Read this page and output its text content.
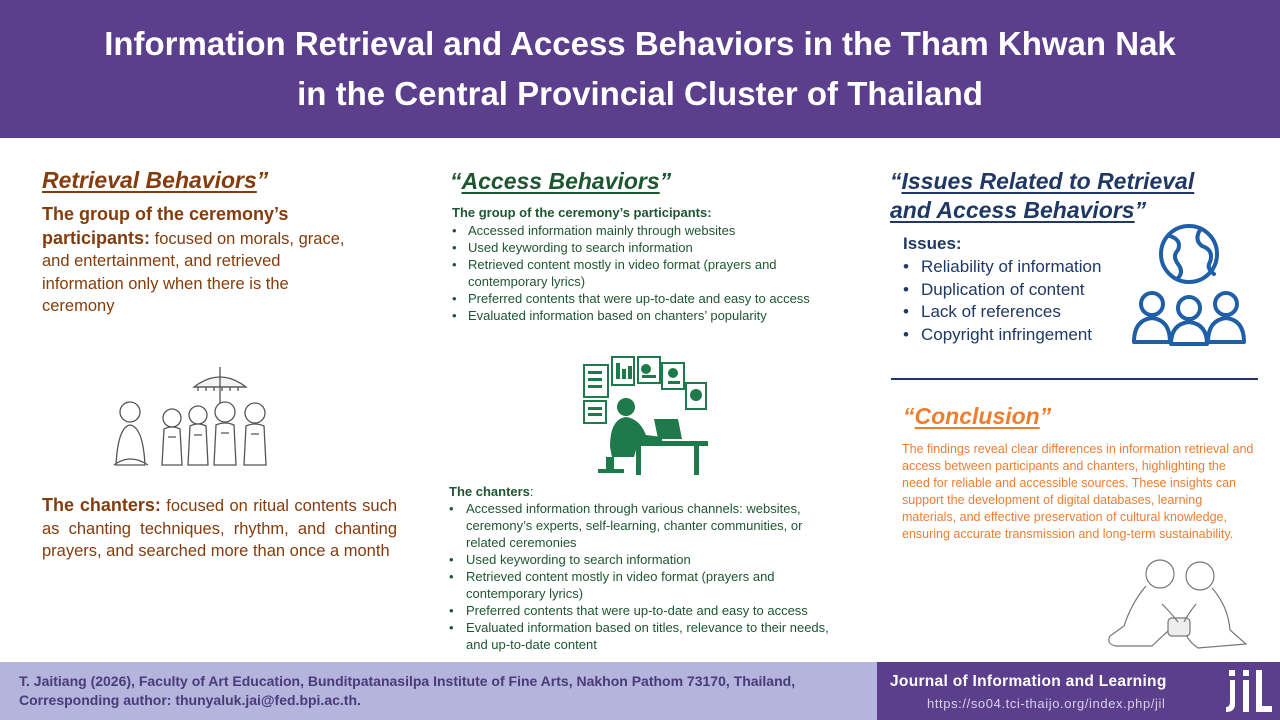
Information Retrieval and Access Behaviors in the Tham Khwan Nak
in the Central Provincial Cluster of Thailand
Retrieval Behaviors”
The group of the ceremony’s participants: focused on morals, grace, and entertainment, and retrieved information only when there is the ceremony
The chanters: focused on ritual contents such as chanting techniques, rhythm, and chanting prayers, and searched more than once a month
“Access Behaviors”
The group of the ceremony’s participants:
• Accessed information mainly through websites
• Used keywording to search information
• Retrieved content mostly in video format (prayers and contemporary lyrics)
• Preferred contents that were up-to-date and easy to access
• Evaluated information based on chanters’ popularity
The chanters:
• Accessed information through various channels: websites, ceremony’s experts, self-learning, chanter communities, or related ceremonies
• Used keywording to search information
• Retrieved content mostly in video format (prayers and contemporary lyrics)
• Preferred contents that were up-to-date and easy to access
• Evaluated information based on titles, relevance to their needs, and up-to-date content
“Issues Related to Retrieval
and Access Behaviors”
Issues:
• Reliability of information
• Duplication of content
• Lack of references
• Copyright infringement
“Conclusion”
The findings reveal clear differences in information retrieval and access between participants and chanters, highlighting the need for reliable and accessible sources. These insights can support the development of digital databases, learning materials, and effective preservation of cultural knowledge, ensuring accurate transmission and long-term sustainability.
T. Jaitiang (2026), Faculty of Art Education, Bunditpatanasilpa Institute of Fine Arts, Nakhon Pathom 73170, Thailand, Corresponding author: thunyaluk.jai@fed.bpi.ac.th.
Journal of Information and Learning
https://so04.tci-thaijo.org/index.php/jil
